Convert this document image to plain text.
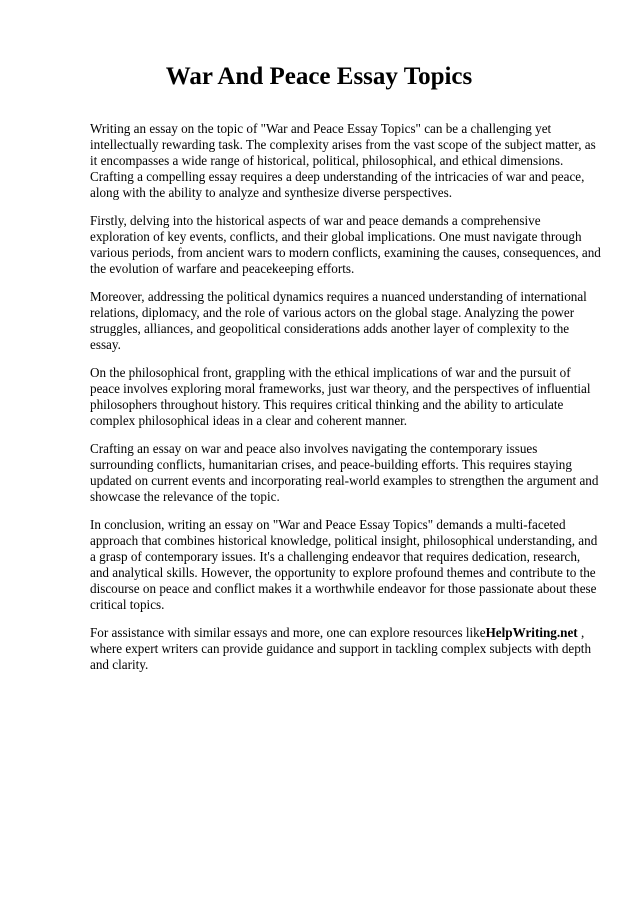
War And Peace Essay Topics

Writing an essay on the topic of "War and Peace Essay Topics" can be a challenging yet intellectually rewarding task. The complexity arises from the vast scope of the subject matter, as it encompasses a wide range of historical, political, philosophical, and ethical dimensions. Crafting a compelling essay requires a deep understanding of the intricacies of war and peace, along with the ability to analyze and synthesize diverse perspectives.

Firstly, delving into the historical aspects of war and peace demands a comprehensive exploration of key events, conflicts, and their global implications. One must navigate through various periods, from ancient wars to modern conflicts, examining the causes, consequences, and the evolution of warfare and peacekeeping efforts.

Moreover, addressing the political dynamics requires a nuanced understanding of international relations, diplomacy, and the role of various actors on the global stage. Analyzing the power struggles, alliances, and geopolitical considerations adds another layer of complexity to the essay.

On the philosophical front, grappling with the ethical implications of war and the pursuit of peace involves exploring moral frameworks, just war theory, and the perspectives of influential philosophers throughout history. This requires critical thinking and the ability to articulate complex philosophical ideas in a clear and coherent manner.

Crafting an essay on war and peace also involves navigating the contemporary issues surrounding conflicts, humanitarian crises, and peace-building efforts. This requires staying updated on current events and incorporating real-world examples to strengthen the argument and showcase the relevance of the topic.

In conclusion, writing an essay on "War and Peace Essay Topics" demands a multi-faceted approach that combines historical knowledge, political insight, philosophical understanding, and a grasp of contemporary issues. It's a challenging endeavor that requires dedication, research, and analytical skills. However, the opportunity to explore profound themes and contribute to the discourse on peace and conflict makes it a worthwhile endeavor for those passionate about these critical topics.

For assistance with similar essays and more, one can explore resources likeHelpWriting.net , where expert writers can provide guidance and support in tackling complex subjects with depth and clarity.
